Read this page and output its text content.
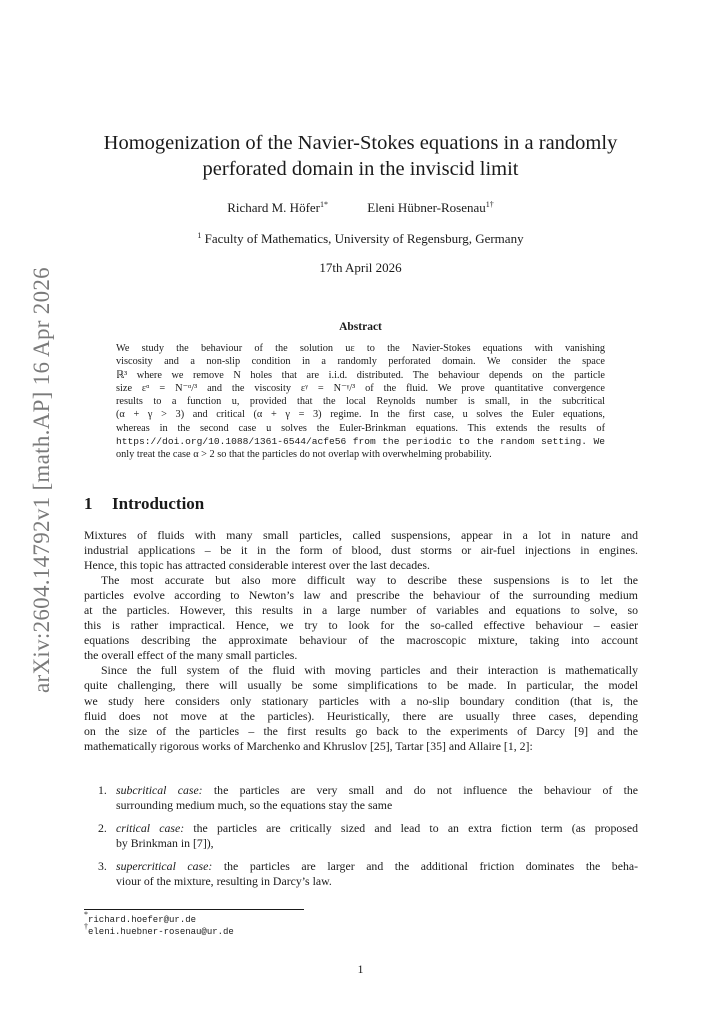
arXiv:2604.14792v1 [math.AP] 16 Apr 2026
Homogenization of the Navier-Stokes equations in a randomly
perforated domain in the inviscid limit
Richard M. Höfer$^{1*}$	Eleni Hübner-Rosenau$^{1\dagger}$
$^1$ Faculty of Mathematics, University of Regensburg, Germany
17th April 2026
Abstract
We study the behaviour of the solution uε to the Navier-Stokes equations with vanishing
viscosity and a non-slip condition in a randomly perforated domain. We consider the space
ℝ³ where we remove N holes that are i.i.d. distributed. The behaviour depends on the particle
size εᵅ = N⁻ᵅ/³ and the viscosity εᵞ = N⁻ᵞ/³ of the fluid. We prove quantitative convergence
results to a function u, provided that the local Reynolds number is small, in the subcritical
(α + γ > 3) and critical (α + γ = 3) regime. In the first case, u solves the Euler equations,
whereas in the second case u solves the Euler-Brinkman equations. This extends the results of
https://doi.org/10.1088/1361-6544/acfe56 from the periodic to the random setting. We
only treat the case α > 2 so that the particles do not overlap with overwhelming probability.
1 Introduction
Mixtures of fluids with many small particles, called suspensions, appear in a lot in nature and
industrial applications – be it in the form of blood, dust storms or air-fuel injections in engines.
Hence, this topic has attracted considerable interest over the last decades.
The most accurate but also more difficult way to describe these suspensions is to let the
particles evolve according to Newton’s law and prescribe the behaviour of the surrounding medium
at the particles. However, this results in a large number of variables and equations to solve, so
this is rather impractical. Hence, we try to look for the so-called effective behaviour – easier
equations describing the approximate behaviour of the macroscopic mixture, taking into account
the overall effect of the many small particles.
Since the full system of the fluid with moving particles and their interaction is mathematically
quite challenging, there will usually be some simplifications to be made. In particular, the model
we study here considers only stationary particles with a no-slip boundary condition (that is, the
fluid does not move at the particles). Heuristically, there are usually three cases, depending
on the size of the particles – the first results go back to the experiments of Darcy [9] and the
mathematically rigorous works of Marchenko and Khruslov [25], Tartar [35] and Allaire [1, 2]:
1. subcritical case: the particles are very small and do not influence the behaviour of the
surrounding medium much, so the equations stay the same
2. critical case: the particles are critically sized and lead to an extra fiction term (as proposed
by Brinkman in [7]),
3. supercritical case: the particles are larger and the additional friction dominates the beha-
viour of the mixture, resulting in Darcy’s law.
*richard.hoefer@ur.de
†eleni.huebner-rosenau@ur.de
1
